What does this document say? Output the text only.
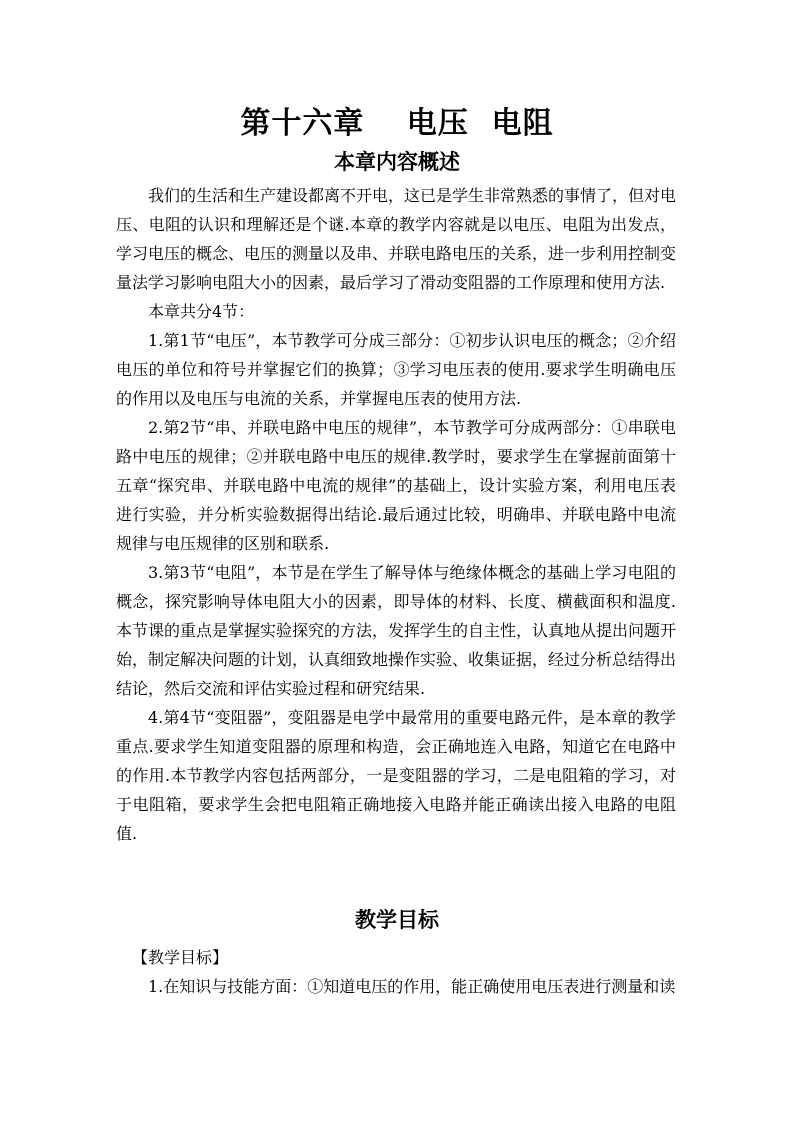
第十六章　 电压  电阻
本章内容概述

我们的生活和生产建设都离不开电，这已是学生非常熟悉的事情了，但对电压、电阻的认识和理解还是个谜.本章的教学内容就是以电压、电阻为出发点，学习电压的概念、电压的测量以及串、并联电路电压的关系，进一步利用控制变量法学习影响电阻大小的因素，最后学习了滑动变阻器的工作原理和使用方法.

本章共分4节：

1.第1节“电压”，本节教学可分成三部分：①初步认识电压的概念；②介绍电压的单位和符号并掌握它们的换算；③学习电压表的使用.要求学生明确电压的作用以及电压与电流的关系，并掌握电压表的使用方法.

2.第2节“串、并联电路中电压的规律”，本节教学可分成两部分：①串联电路中电压的规律；②并联电路中电压的规律.教学时，要求学生在掌握前面第十五章“探究串、并联电路中电流的规律”的基础上，设计实验方案，利用电压表进行实验，并分析实验数据得出结论.最后通过比较，明确串、并联电路中电流规律与电压规律的区别和联系.

3.第3节“电阻”，本节是在学生了解导体与绝缘体概念的基础上学习电阻的概念，探究影响导体电阻大小的因素，即导体的材料、长度、横截面积和温度.本节课的重点是掌握实验探究的方法，发挥学生的自主性，认真地从提出问题开始，制定解决问题的计划，认真细致地操作实验、收集证据，经过分析总结得出结论，然后交流和评估实验过程和研究结果.

4.第4节“变阻器”，变阻器是电学中最常用的重要电路元件，是本章的教学重点.要求学生知道变阻器的原理和构造，会正确地连入电路，知道它在电路中的作用.本节教学内容包括两部分，一是变阻器的学习，二是电阻箱的学习，对于电阻箱，要求学生会把电阻箱正确地接入电路并能正确读出接入电路的电阻值.

教学目标
【教学目标】
1.在知识与技能方面：①知道电压的作用，能正确使用电压表进行测量和读
